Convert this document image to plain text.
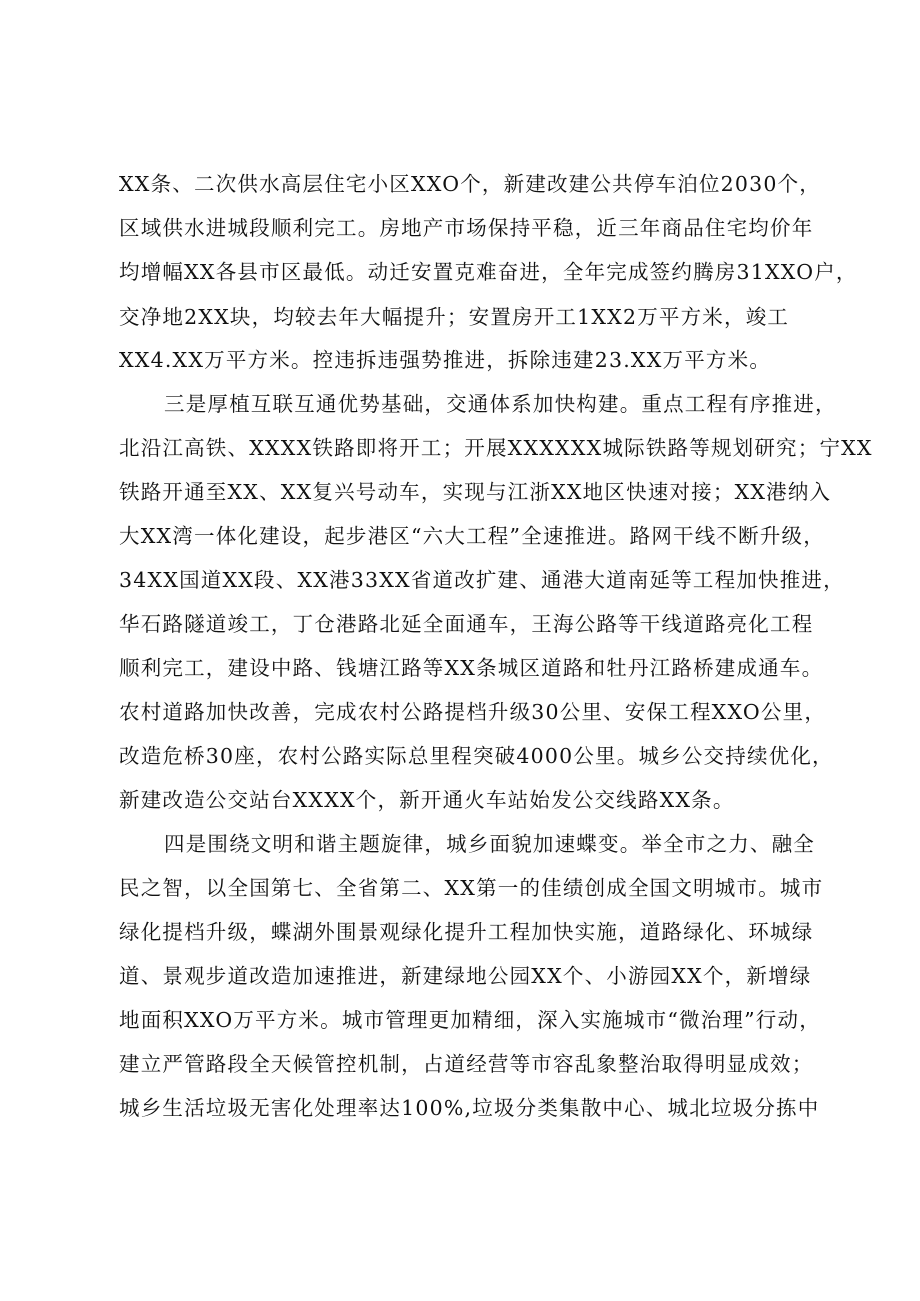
XX条、二次供水高层住宅小区XXO个，新建改建公共停车泊位2030个，
区域供水进城段顺利完工。房地产市场保持平稳，近三年商品住宅均价年
均增幅XX各县市区最低。动迁安置克难奋进，全年完成签约腾房31XXO户，
交净地2XX块，均较去年大幅提升；安置房开工1XX2万平方米，竣工
XX4.XX万平方米。控违拆违强势推进，拆除违建23.XX万平方米。
三是厚植互联互通优势基础，交通体系加快构建。重点工程有序推进，
北沿江高铁、XXXX铁路即将开工；开展XXXXXX城际铁路等规划研究；宁XX
铁路开通至XX、XX复兴号动车，实现与江浙XX地区快速对接；XX港纳入
大XX湾一体化建设，起步港区“六大工程”全速推进。路网干线不断升级，
34XX国道XX段、XX港33XX省道改扩建、通港大道南延等工程加快推进，
华石路隧道竣工，丁仓港路北延全面通车，王海公路等干线道路亮化工程
顺利完工，建设中路、钱塘江路等XX条城区道路和牡丹江路桥建成通车。
农村道路加快改善，完成农村公路提档升级30公里、安保工程XXO公里，
改造危桥30座，农村公路实际总里程突破4000公里。城乡公交持续优化，
新建改造公交站台XXXX个，新开通火车站始发公交线路XX条。
四是围绕文明和谐主题旋律，城乡面貌加速蝶变。举全市之力、融全
民之智，以全国第七、全省第二、XX第一的佳绩创成全国文明城市。城市
绿化提档升级，蝶湖外围景观绿化提升工程加快实施，道路绿化、环城绿
道、景观步道改造加速推进，新建绿地公园XX个、小游园XX个，新增绿
地面积XXO万平方米。城市管理更加精细，深入实施城市“微治理”行动，
建立严管路段全天候管控机制，占道经营等市容乱象整治取得明显成效；
城乡生活垃圾无害化处理率达100%,垃圾分类集散中心、城北垃圾分拣中
